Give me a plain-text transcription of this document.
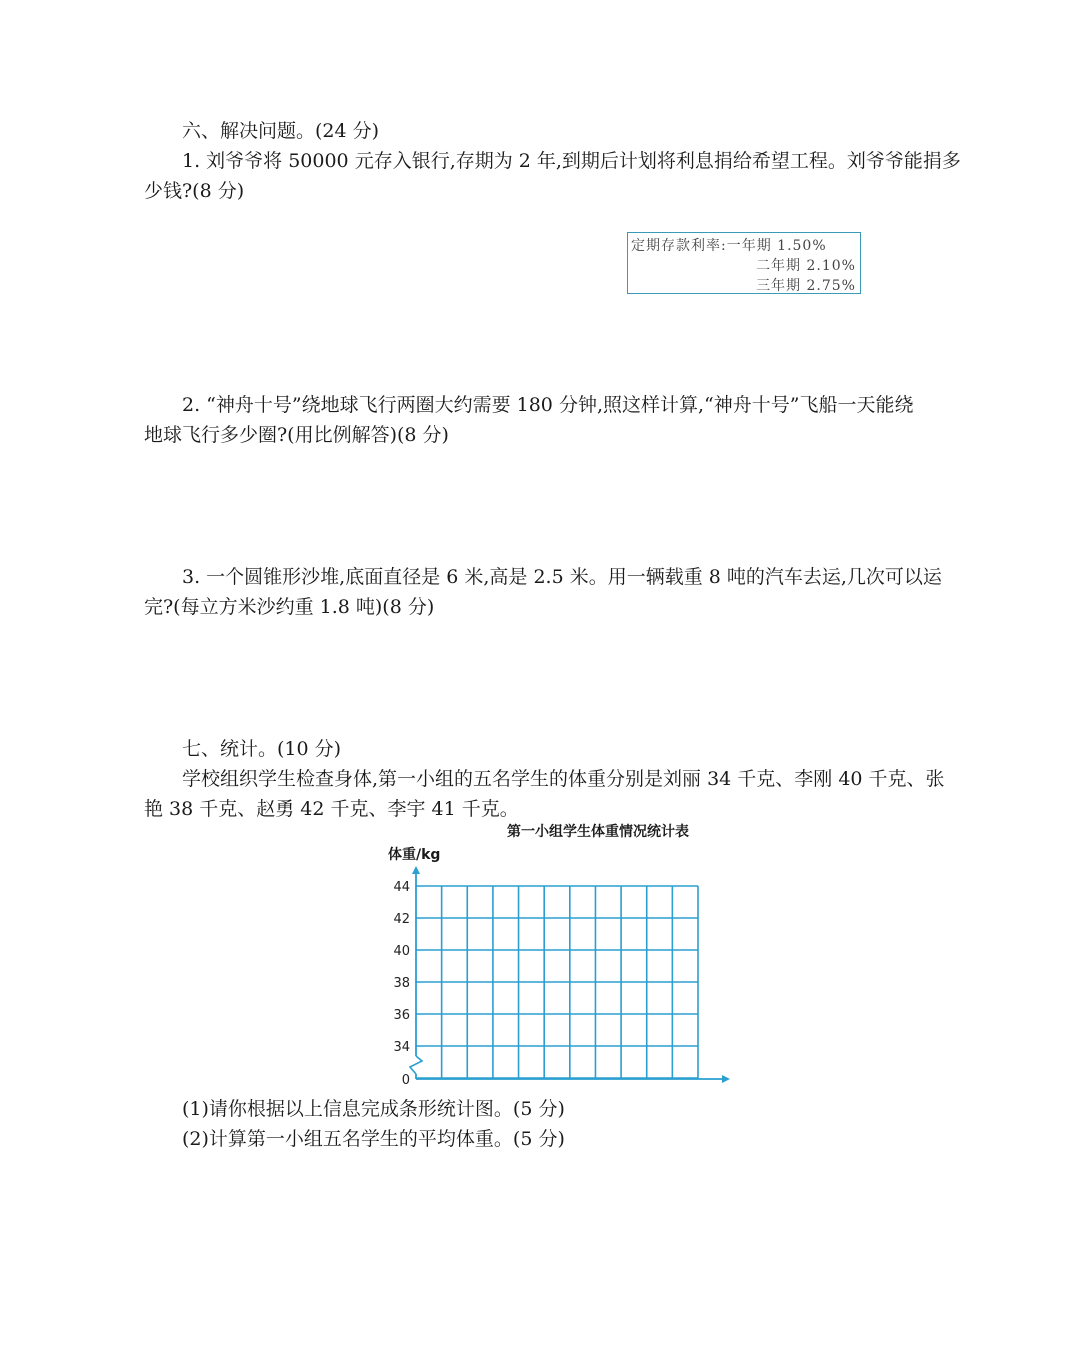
六、解决问题。(24 分)
1. 刘爷爷将 50000 元存入银行,存期为 2 年,到期后计划将利息捐给希望工程。刘爷爷能捐多
少钱?(8 分)
定期存款利率:一年期 1.50%
二年期 2.10%
三年期 2.75%
2. “神舟十号”绕地球飞行两圈大约需要 180 分钟,照这样计算,“神舟十号”飞船一天能绕
地球飞行多少圈?(用比例解答)(8 分)
3. 一个圆锥形沙堆,底面直径是 6 米,高是 2.5 米。用一辆载重 8 吨的汽车去运,几次可以运
完?(每立方米沙约重 1.8 吨)(8 分)
七、统计。(10 分)
学校组织学生检查身体,第一小组的五名学生的体重分别是刘丽 34 千克、李刚 40 千克、张
艳 38 千克、赵勇 42 千克、李宇 41 千克。
第一小组学生体重情况统计表
体重/kg
0
34
36
38
40
42
44
(1)请你根据以上信息完成条形统计图。(5 分)
(2)计算第一小组五名学生的平均体重。(5 分)
